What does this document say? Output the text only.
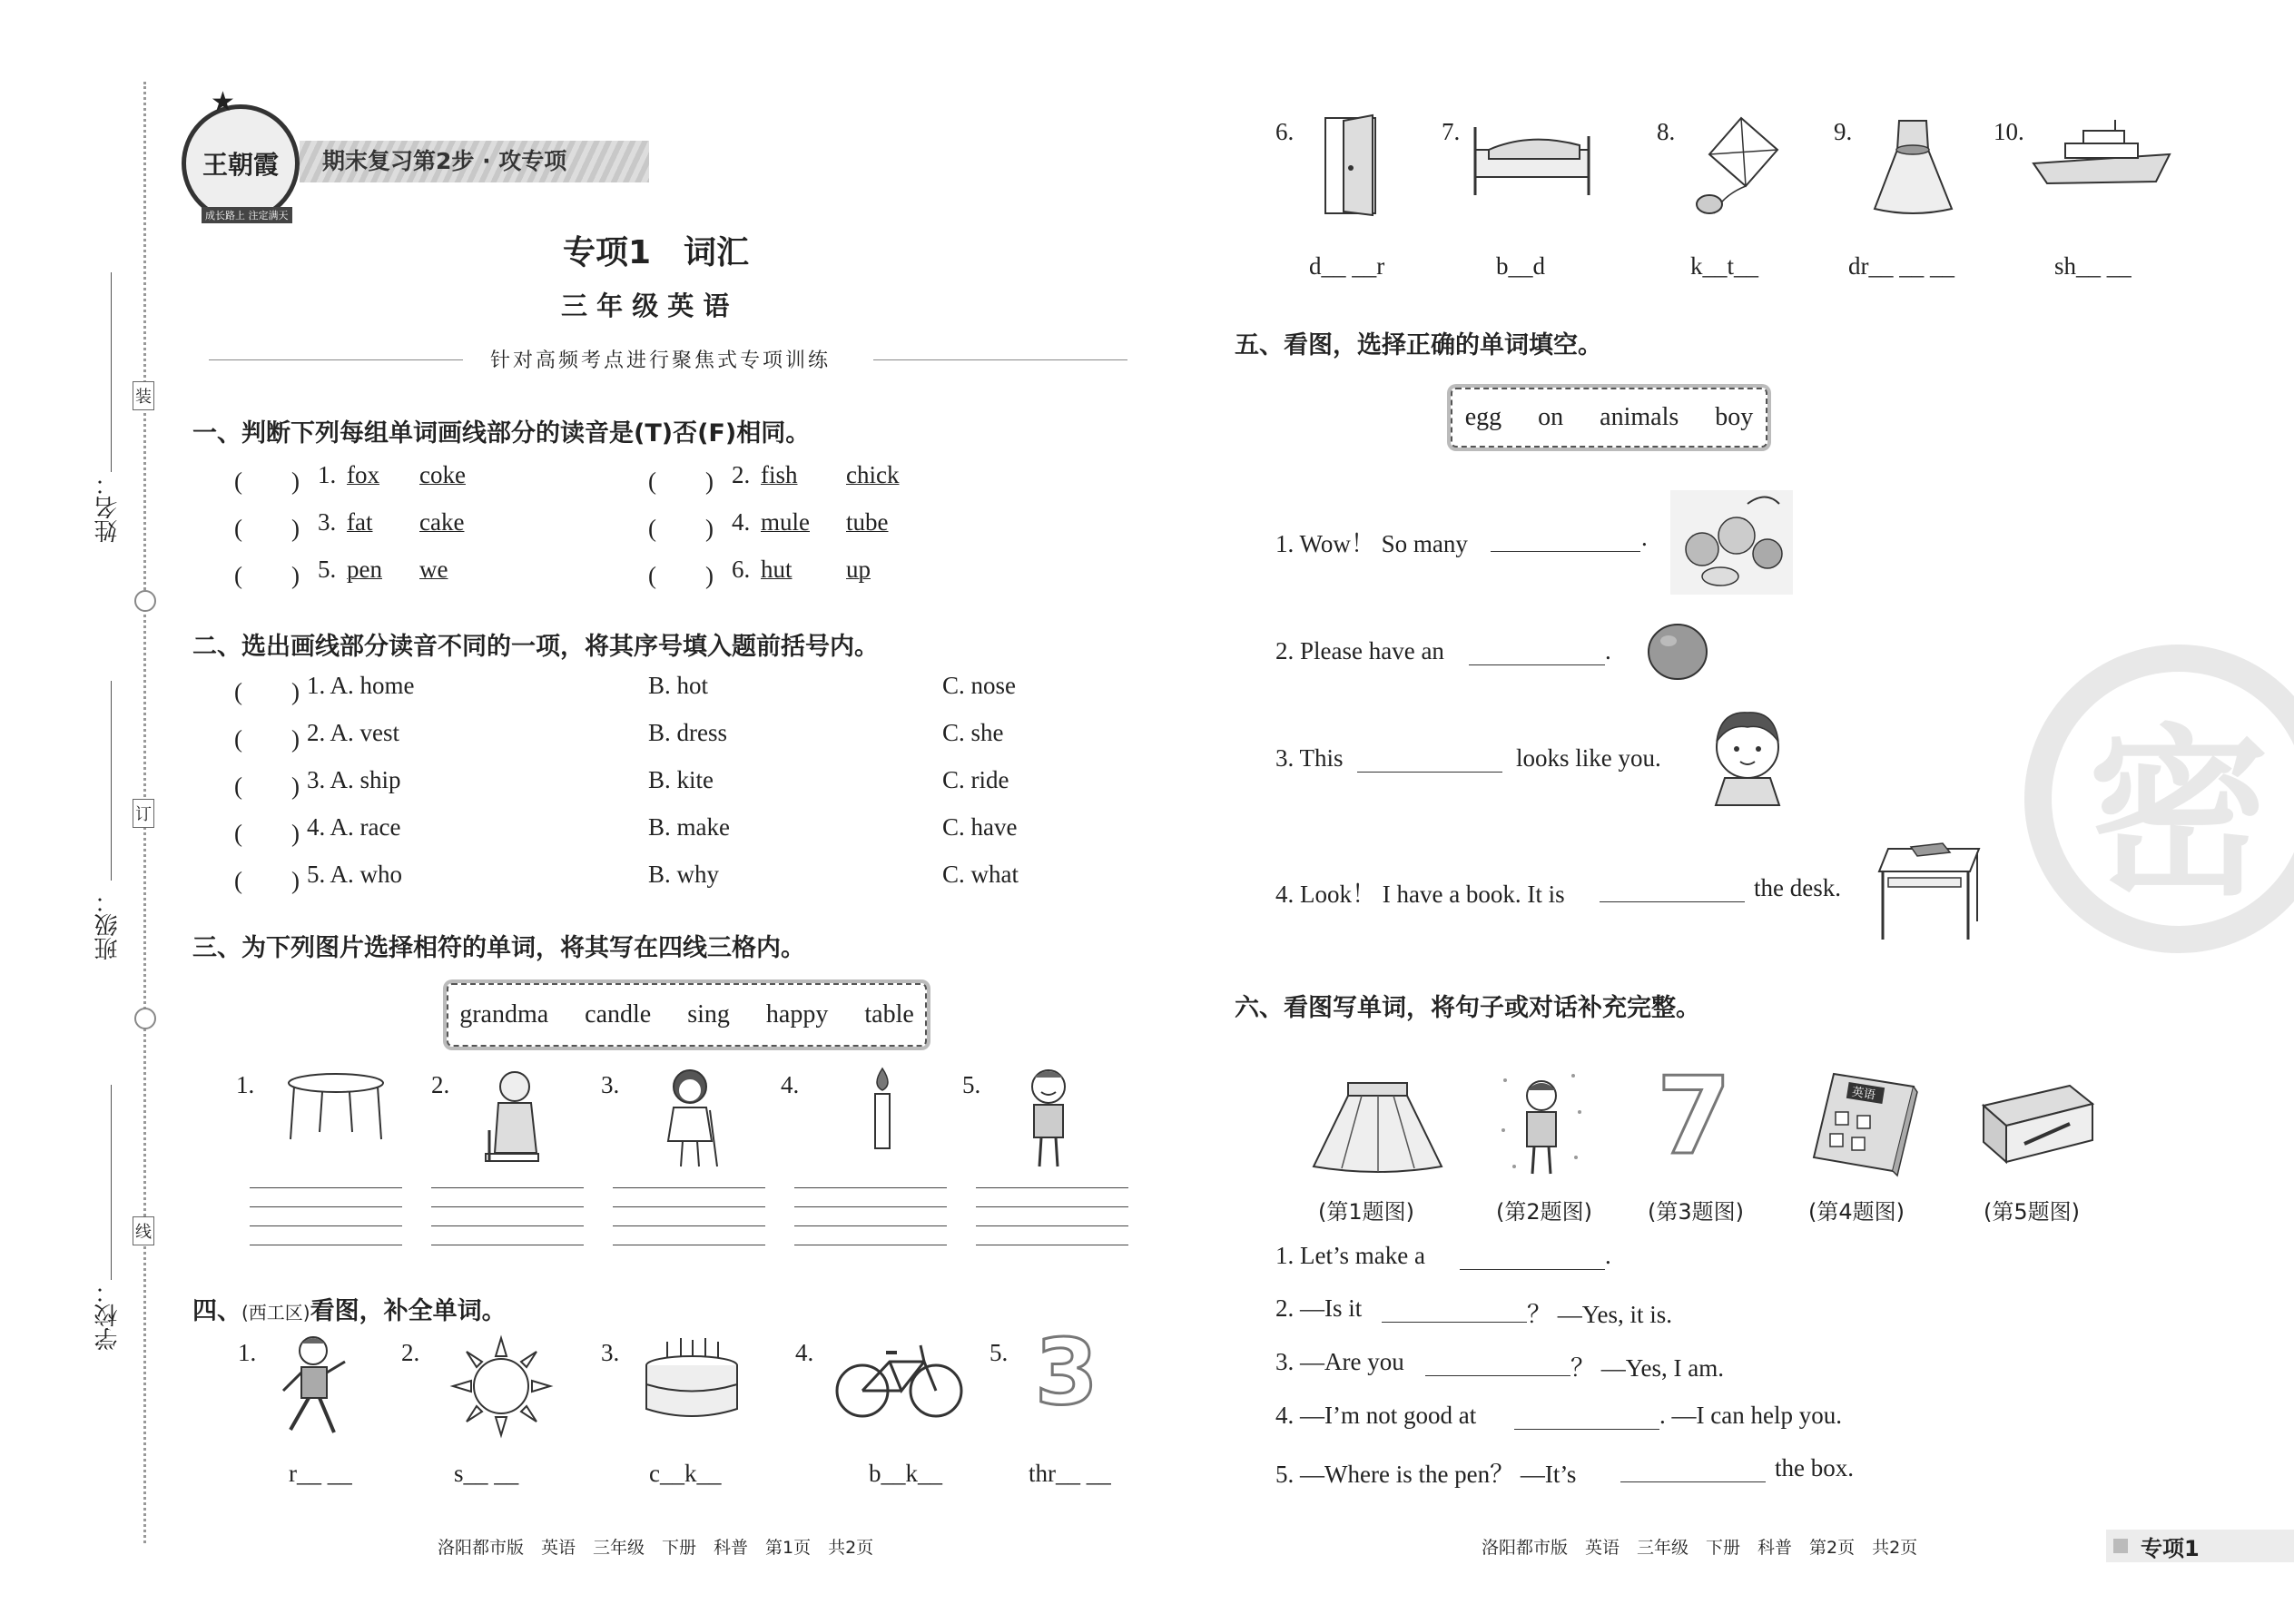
姓名：
班级：
学校：
装
订
线
王朝霞
★
成长路上 注定满天
期末复习第2步 · 攻专项
专项1　词汇
三 年 级 英 语
针对高频考点进行聚焦式专项训练
一、判断下列每组单词画线部分的读音是(T)否(F)相同。
(　　) 1. fox coke	(　　) 2. fish chick
(　　) 3. fat cake	(　　) 4. mule tube
(　　) 5. pen we	(　　) 6. hut up
二、选出画线部分读音不同的一项，将其序号填入题前括号内。
(　　) 1. A. home	B. hot	C. nose
(　　) 2. A. vest	B. dress	C. she
(　　) 3. A. ship	B. kite	C. ride
(　　) 4. A. race	B. make	C. have
(　　) 5. A. who	B. why	C. what
三、为下列图片选择相符的单词，将其写在四线三格内。
grandma candle sing happy table
1.	2.	3.	4.	5.
四、(西工区)看图，补全单词。
1.	2.	3.	4.	5. 3
r__ __	s__ __	c__k__	b__k__	thr__ __
洛阳都市版　英语　三年级　下册　科普　第1页　共2页
6.	7.	8.	9.	10.
d__ __r	b__d	k__t__	dr__ __ __	sh__ __
五、看图，选择正确的单词填空。
egg on animals boy
1. Wow！ So many	.
2. Please have an	.
3. This	looks like you.
4. Look！ I have a book. It is	the desk.
六、看图写单词，将句子或对话补充完整。
7	英语
(第1题图)	(第2题图)	(第3题图)	(第4题图)	(第5题图)
1. Let’s make a	.
2. —Is it	？ —Yes, it is.
3. —Are you	？ —Yes, I am.
4. —I’m not good at	. —I can help you.
5. —Where is the pen？ —It’s	the box.
洛阳都市版　英语　三年级　下册　科普　第2页　共2页
密
专项1
